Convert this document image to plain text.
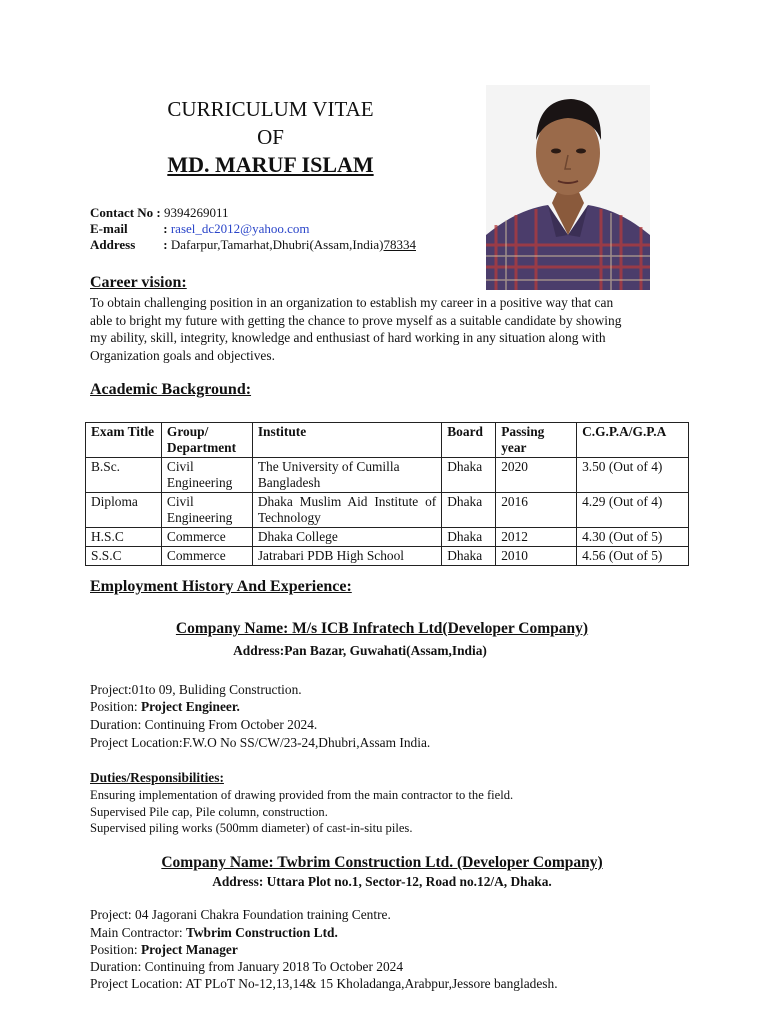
CURRICULUM VITAE
OF
MD. MARUF ISLAM
Contact No : 9394269011
E-mail	: rasel_dc2012@yahoo.com
Address : Dafarpur,Tamarhat,Dhubri(Assam,India)78334
Career vision:
To obtain challenging position in an organization to establish my career in a positive way that can
able to bright my future with getting the chance to prove myself as a suitable candidate by showing
my ability, skill, integrity, knowledge and enthusiast of hard working in any situation along with
Organization goals and objectives.
Academic Background:
Exam Title	Group/ Department	Institute	Board	Passing year	C.G.P.A/G.P.A
B.Sc.	Civil Engineering	The University of Cumilla Bangladesh	Dhaka	2020	3.50 (Out of 4)
Diploma	Civil Engineering	Dhaka Muslim Aid Institute of Technology	Dhaka	2016	4.29 (Out of 4)
H.S.C	Commerce	Dhaka College	Dhaka	2012	4.30 (Out of 5)
S.S.C	Commerce	Jatrabari PDB High School	Dhaka	2010	4.56 (Out of 5)
Employment History And Experience:
Company Name: M/s ICB Infratech Ltd(Developer Company)
Address:Pan Bazar, Guwahati(Assam,India)
Project:01to 09, Buliding Construction.
Position: Project Engineer.
Duration: Continuing From October 2024.
Project Location:F.W.O No SS/CW/23-24,Dhubri,Assam India.
Duties/Responsibilities:
Ensuring implementation of drawing provided from the main contractor to the field.
Supervised Pile cap, Pile column, construction.
Supervised piling works (500mm diameter) of cast-in-situ piles.
Company Name: Twbrim Construction Ltd. (Developer Company)
Address: Uttara Plot no.1, Sector-12, Road no.12/A, Dhaka.
Project: 04 Jagorani Chakra Foundation training Centre.
Main Contractor: Twbrim Construction Ltd.
Position: Project Manager
Duration: Continuing from January 2018 To October 2024
Project Location: AT PLoT No-12,13,14& 15 Kholadanga,Arabpur,Jessore bangladesh.
